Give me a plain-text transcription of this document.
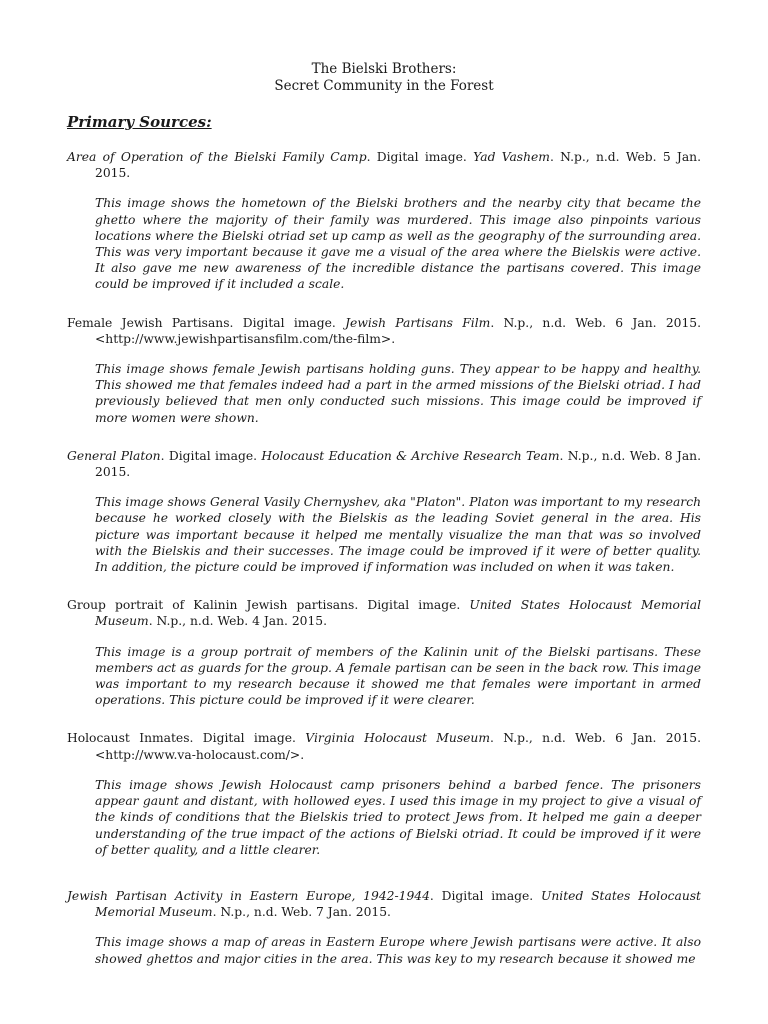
The Bielski Brothers:
Secret Community in the Forest
Primary Sources:

Area of Operation of the Bielski Family Camp. Digital image. Yad Vashem. N.p., n.d. Web. 5 Jan. 2015.

This image shows the hometown of the Bielski brothers and the nearby city that became the ghetto where the majority of their family was murdered. This image also pinpoints various locations where the Bielski otriad set up camp as well as the geography of the surrounding area. This was very important because it gave me a visual of the area where the Bielskis were active. It also gave me new awareness of the incredible distance the partisans covered. This image could be improved if it included a scale.

Female Jewish Partisans. Digital image. Jewish Partisans Film. N.p., n.d. Web. 6 Jan. 2015. <http://www.jewishpartisansfilm.com/the-film>.

This image shows female Jewish partisans holding guns. They appear to be happy and healthy. This showed me that females indeed had a part in the armed missions of the Bielski otriad. I had previously believed that men only conducted such missions. This image could be improved if more women were shown.

General Platon. Digital image. Holocaust Education & Archive Research Team. N.p., n.d. Web. 8 Jan. 2015.

This image shows General Vasily Chernyshev, aka "Platon". Platon was important to my research because he worked closely with the Bielskis as the leading Soviet general in the area. His picture was important because it helped me mentally visualize the man that was so involved with the Bielskis and their successes. The image could be improved if it were of better quality. In addition, the picture could be improved if information was included on when it was taken.

Group portrait of Kalinin Jewish partisans. Digital image. United States Holocaust Memorial Museum. N.p., n.d. Web. 4 Jan. 2015.

This image is a group portrait of members of the Kalinin unit of the Bielski partisans. These members act as guards for the group. A female partisan can be seen in the back row. This image was important to my research because it showed me that females were important in armed operations. This picture could be improved if it were clearer.

Holocaust Inmates. Digital image. Virginia Holocaust Museum. N.p., n.d. Web. 6 Jan. 2015. <http://www.va-holocaust.com/>.

This image shows Jewish Holocaust camp prisoners behind a barbed fence. The prisoners appear gaunt and distant, with hollowed eyes. I used this image in my project to give a visual of the kinds of conditions that the Bielskis tried to protect Jews from. It helped me gain a deeper understanding of the true impact of the actions of Bielski otriad. It could be improved if it were of better quality, and a little clearer.

Jewish Partisan Activity in Eastern Europe, 1942-1944. Digital image. United States Holocaust Memorial Museum. N.p., n.d. Web. 7 Jan. 2015.

This image shows a map of areas in Eastern Europe where Jewish partisans were active. It also showed ghettos and major cities in the area. This was key to my research because it showed me
